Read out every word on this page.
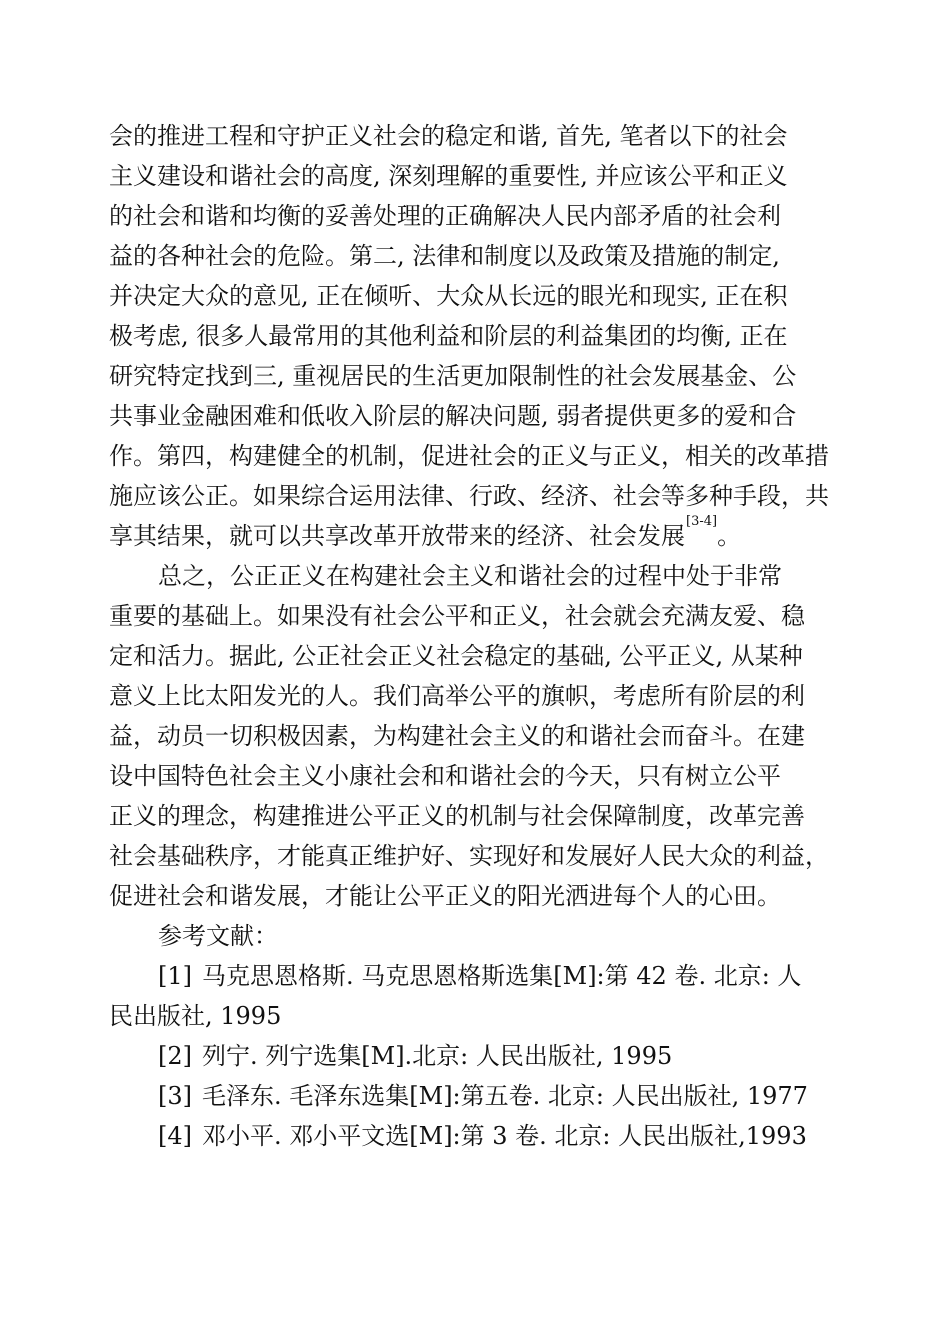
会的推进工程和守护正义社会的稳定和谐, 首先, 笔者以下的社会
主义建设和谐社会的高度, 深刻理解的重要性, 并应该公平和正义
的社会和谐和均衡的妥善处理的正确解决人民内部矛盾的社会利
益的各种社会的危险。第二, 法律和制度以及政策及措施的制定,
并决定大众的意见, 正在倾听、大众从长远的眼光和现实, 正在积
极考虑, 很多人最常用的其他利益和阶层的利益集团的均衡, 正在
研究特定找到三, 重视居民的生活更加限制性的社会发展基金、公
共事业金融困难和低收入阶层的解决问题, 弱者提供更多的爱和合
作。第四，构建健全的机制，促进社会的正义与正义，相关的改革措
施应该公正。如果综合运用法律、行政、经济、社会等多种手段，共
享其结果，就可以共享改革开放带来的经济、社会发展[3-4]。
总之，公正正义在构建社会主义和谐社会的过程中处于非常
重要的基础上。如果没有社会公平和正义，社会就会充满友爱、稳
定和活力。据此, 公正社会正义社会稳定的基础, 公平正义, 从某种
意义上比太阳发光的人。我们高举公平的旗帜，考虑所有阶层的利
益，动员一切积极因素，为构建社会主义的和谐社会而奋斗。在建
设中国特色社会主义小康社会和和谐社会的今天，只有树立公平
正义的理念，构建推进公平正义的机制与社会保障制度，改革完善
社会基础秩序，才能真正维护好、实现好和发展好人民大众的利益，
促进社会和谐发展，才能让公平正义的阳光洒进每个人的心田。
参考文献：
[1] 马克思恩格斯. 马克思恩格斯选集[M]:第 42 卷. 北京: 人
民出版社, 1995
[2] 列宁. 列宁选集[M].北京: 人民出版社, 1995
[3] 毛泽东. 毛泽东选集[M]:第五卷. 北京: 人民出版社, 1977
[4] 邓小平. 邓小平文选[M]:第 3 卷. 北京: 人民出版社,1993
